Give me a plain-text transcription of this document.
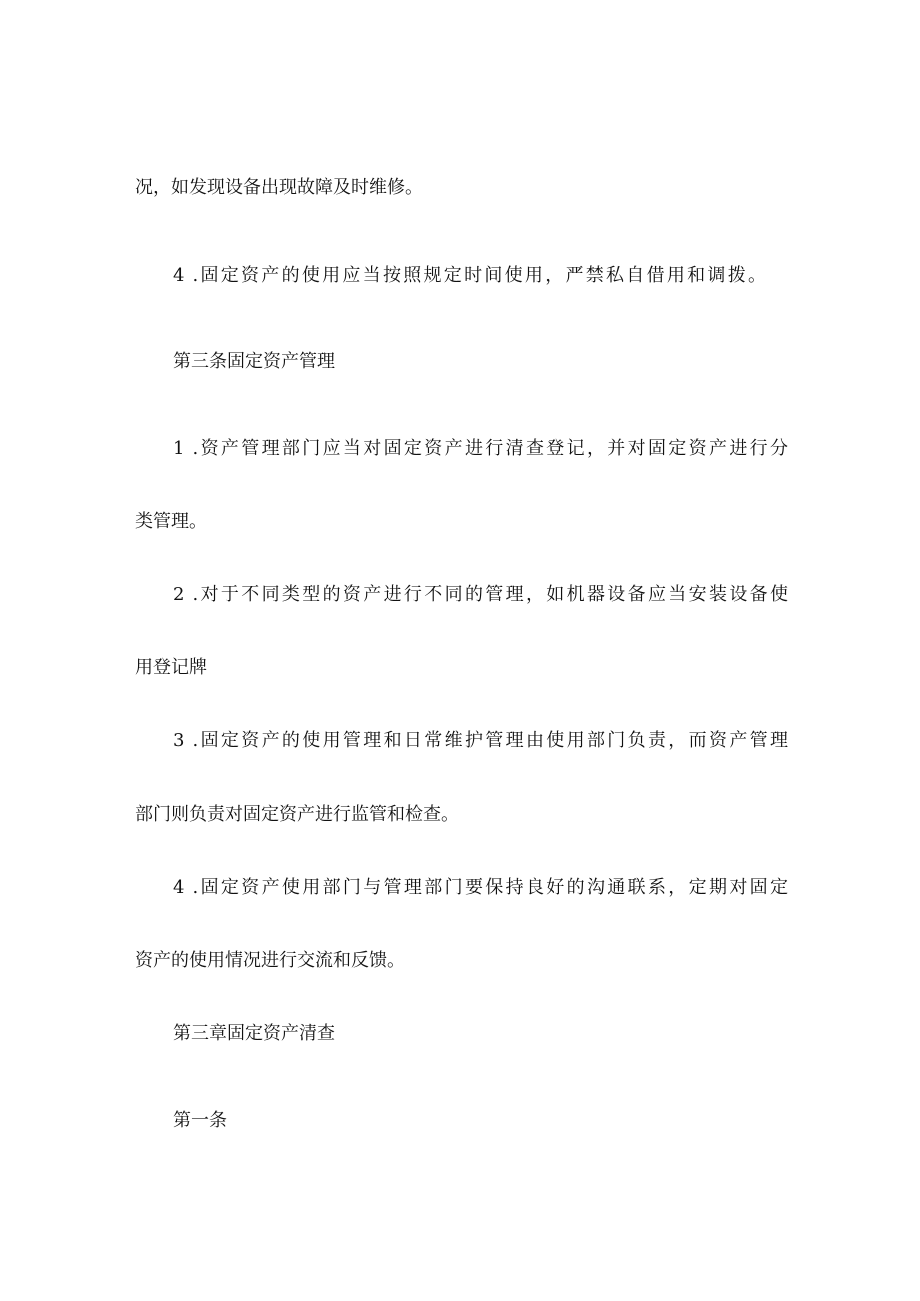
况，如发现设备出现故障及时维修。
4 .固定资产的使用应当按照规定时间使用，严禁私自借用和调拨。
第三条固定资产管理
1 .资产管理部门应当对固定资产进行清查登记，并对固定资产进行分
类管理。
2 .对于不同类型的资产进行不同的管理，如机器设备应当安装设备使
用登记牌
3 .固定资产的使用管理和日常维护管理由使用部门负责，而资产管理
部门则负责对固定资产进行监管和检查。
4 .固定资产使用部门与管理部门要保持良好的沟通联系，定期对固定
资产的使用情况进行交流和反馈。
第三章固定资产清查
第一条
